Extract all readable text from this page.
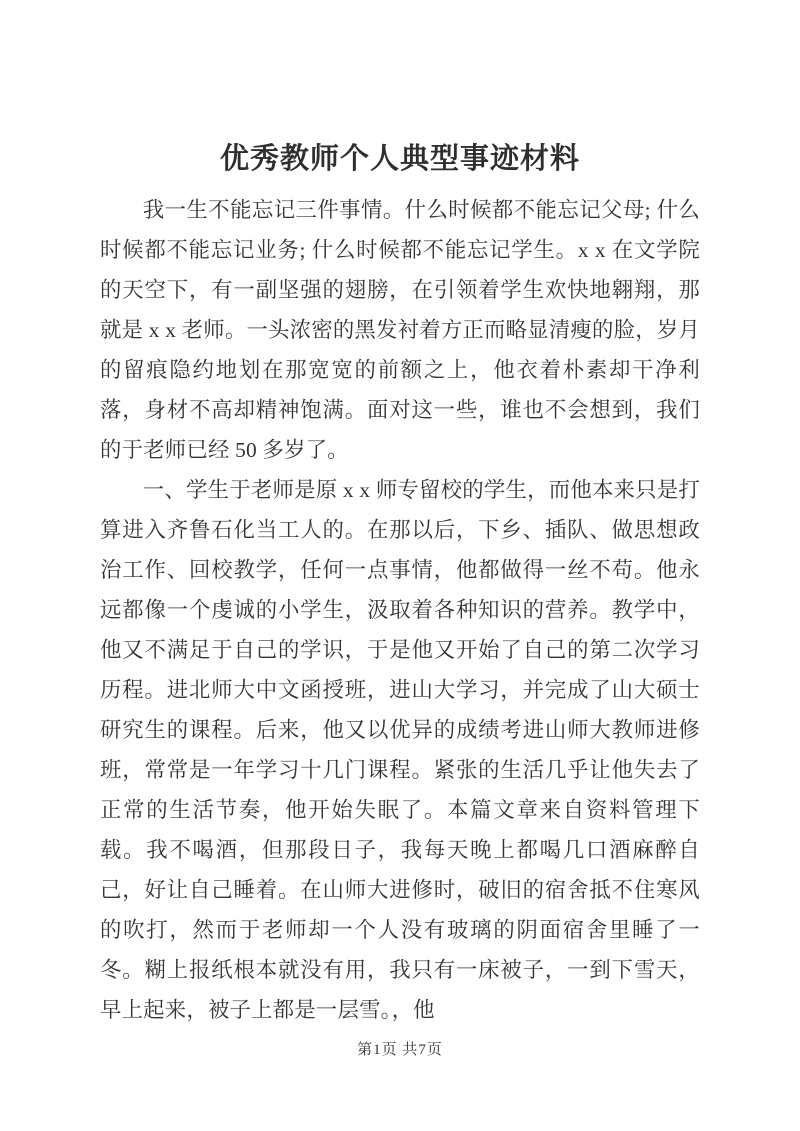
优秀教师个人典型事迹材料

我一生不能忘记三件事情。什么时候都不能忘记父母; 什么时候都不能忘记业务; 什么时候都不能忘记学生。x x 在文学院的天空下，有一副坚强的翅膀，在引领着学生欢快地翱翔，那就是 x x 老师。一头浓密的黑发衬着方正而略显清瘦的脸，岁月的留痕隐约地划在那宽宽的前额之上，他衣着朴素却干净利落，身材不高却精神饱满。面对这一些，谁也不会想到，我们的于老师已经 50 多岁了。

一、学生于老师是原 x x 师专留校的学生，而他本来只是打算进入齐鲁石化当工人的。在那以后，下乡、插队、做思想政治工作、回校教学，任何一点事情，他都做得一丝不苟。他永远都像一个虔诚的小学生，汲取着各种知识的营养。教学中，他又不满足于自己的学识，于是他又开始了自己的第二次学习历程。进北师大中文函授班，进山大学习，并完成了山大硕士研究生的课程。后来，他又以优异的成绩考进山师大教师进修班，常常是一年学习十几门课程。紧张的生活几乎让他失去了正常的生活节奏，他开始失眠了。本篇文章来自资料管理下载。我不喝酒，但那段日子，我每天晚上都喝几口酒麻醉自己，好让自己睡着。在山师大进修时，破旧的宿舍抵不住寒风的吹打，然而于老师却一个人没有玻璃的阴面宿舍里睡了一冬。糊上报纸根本就没有用，我只有一床被子，一到下雪天，早上起来，被子上都是一层雪。，他

第1页 共7页
